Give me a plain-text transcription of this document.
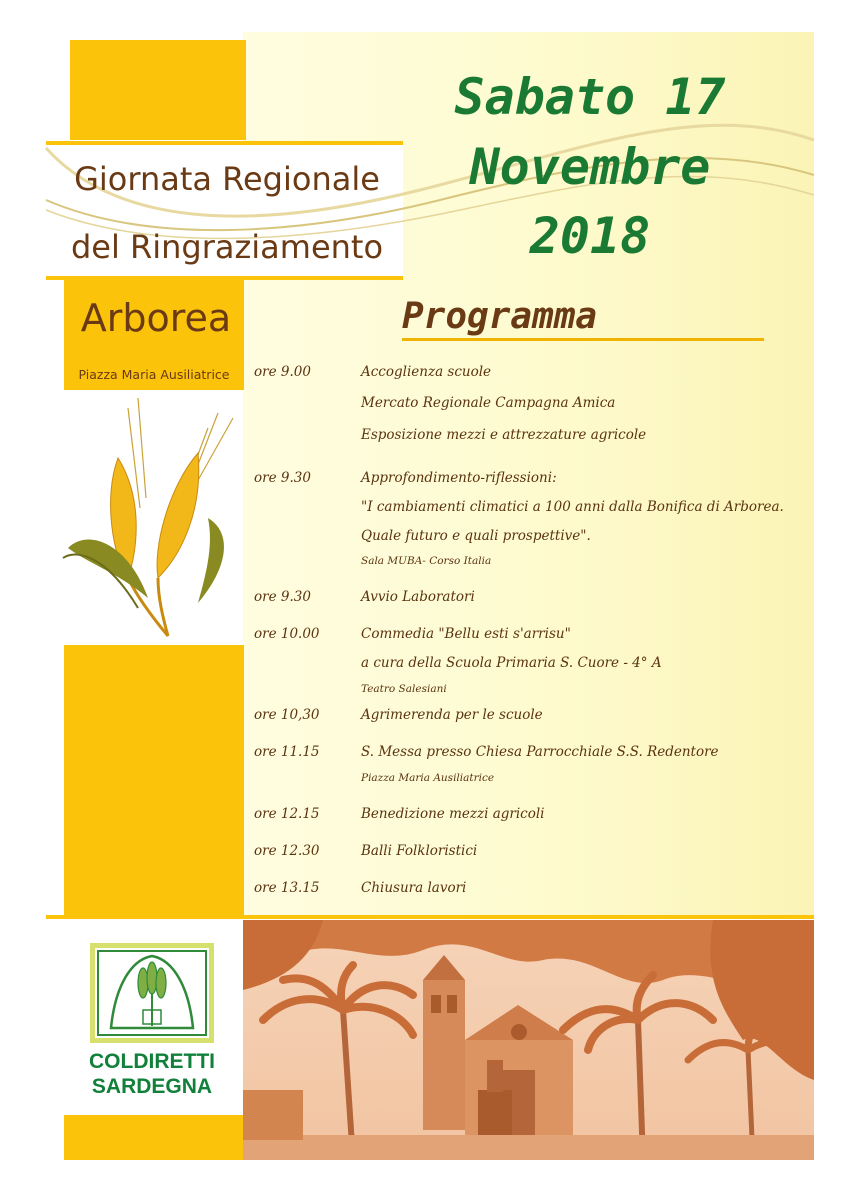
Giornata Regionale
del Ringraziamento
Sabato 17
Novembre
2018
Arborea
Piazza Maria Ausiliatrice
Programma
ore 9.00	Accoglienza scuole
Mercato Regionale Campagna Amica
Esposizione mezzi e attrezzature agricole
ore 9.30	Approfondimento-riflessioni:
"I cambiamenti climatici a 100 anni dalla Bonifica di Arborea.
Quale futuro e quali prospettive".
Sala MUBA- Corso Italia
ore 9.30	Avvio Laboratori
ore 10.00	Commedia "Bellu esti s'arrisu"
a cura della Scuola Primaria S. Cuore - 4° A
Teatro Salesiani
ore 10,30	Agrimerenda per le scuole
ore 11.15	S. Messa presso Chiesa Parrocchiale S.S. Redentore
Piazza Maria Ausiliatrice
ore 12.15	Benedizione mezzi agricoli
ore 12.30	Balli Folkloristici
ore 13.15	Chiusura lavori
COLDIRETTI
SARDEGNA
